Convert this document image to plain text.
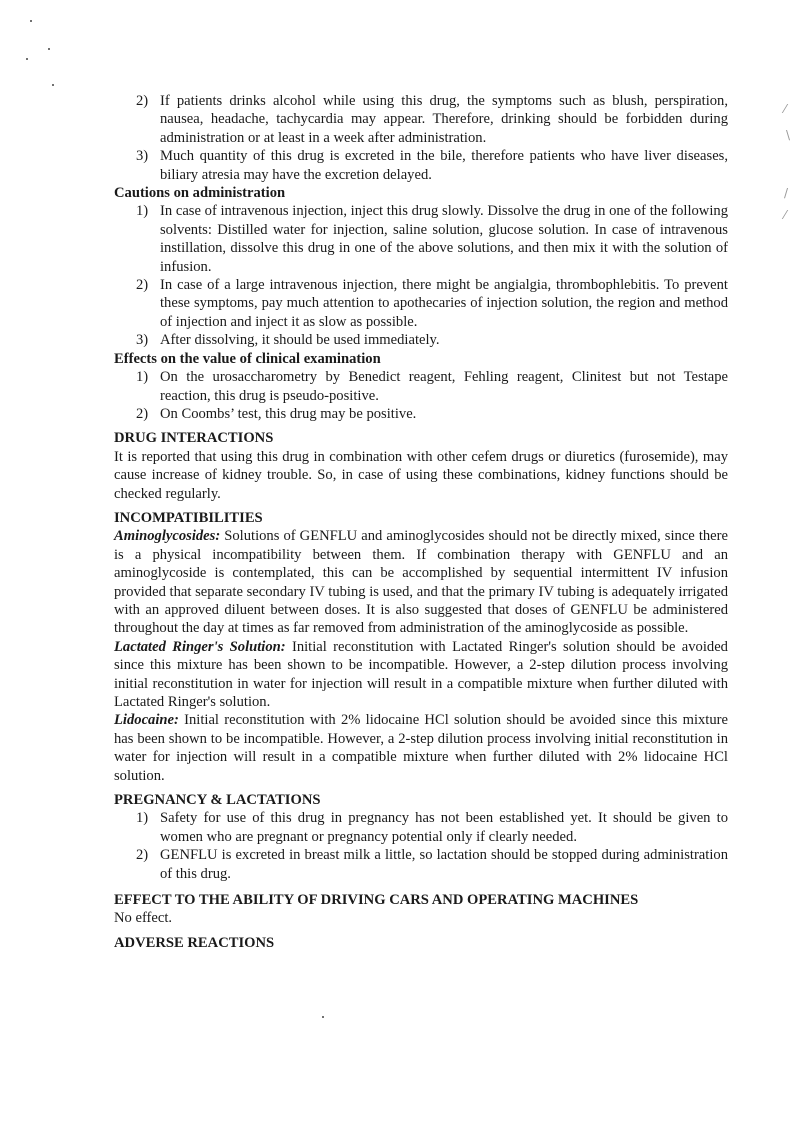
⁄
\
/
⁄
2) If patients drinks alcohol while using this drug, the symptoms such as blush, perspiration, nausea, headache, tachycardia may appear. Therefore, drinking should be forbidden during administration or at least in a week after administration.
3) Much quantity of this drug is excreted in the bile, therefore patients who have liver diseases, biliary atresia may have the excretion delayed.
Cautions on administration
1) In case of intravenous injection, inject this drug slowly. Dissolve the drug in one of the following solvents: Distilled water for injection, saline solution, glucose solution. In case of intravenous instillation, dissolve this drug in one of the above solutions, and then mix it with the solution of infusion.
2) In case of a large intravenous injection, there might be angialgia, thrombophlebitis. To prevent these symptoms, pay much attention to apothecaries of injection solution, the region and method of injection and inject it as slow as possible.
3) After dissolving, it should be used immediately.
Effects on the value of clinical examination
1) On the urosaccharometry by Benedict reagent, Fehling reagent, Clinitest but not Testape reaction, this drug is pseudo-positive.
2) On Coombs’ test, this drug may be positive.
DRUG INTERACTIONS

It is reported that using this drug in combination with other cefem drugs or diuretics (furosemide), may cause increase of kidney trouble. So, in case of using these combinations, kidney functions should be checked regularly.

INCOMPATIBILITIES

Aminoglycosides: Solutions of GENFLU and aminoglycosides should not be directly mixed, since there is a physical incompatibility between them. If combination therapy with GENFLU and an aminoglycoside is contemplated, this can be accomplished by sequential intermittent IV infusion provided that separate secondary IV tubing is used, and that the primary IV tubing is adequately irrigated with an approved diluent between doses. It is also suggested that doses of GENFLU be administered throughout the day at times as far removed from administration of the aminoglycoside as possible.

Lactated Ringer's Solution: Initial reconstitution with Lactated Ringer's solution should be avoided since this mixture has been shown to be incompatible. However, a 2-step dilution process involving initial reconstitution in water for injection will result in a compatible mixture when further diluted with Lactated Ringer's solution.

Lidocaine: Initial reconstitution with 2% lidocaine HCl solution should be avoided since this mixture has been shown to be incompatible. However, a 2-step dilution process involving initial reconstitution in water for injection will result in a compatible mixture when further diluted with 2% lidocaine HCl solution.

PREGNANCY & LACTATIONS
1) Safety for use of this drug in pregnancy has not been established yet. It should be given to women who are pregnant or pregnancy potential only if clearly needed.
2) GENFLU is excreted in breast milk a little, so lactation should be stopped during administration of this drug.
EFFECT TO THE ABILITY OF DRIVING CARS AND OPERATING MACHINES

No effect.

ADVERSE REACTIONS
